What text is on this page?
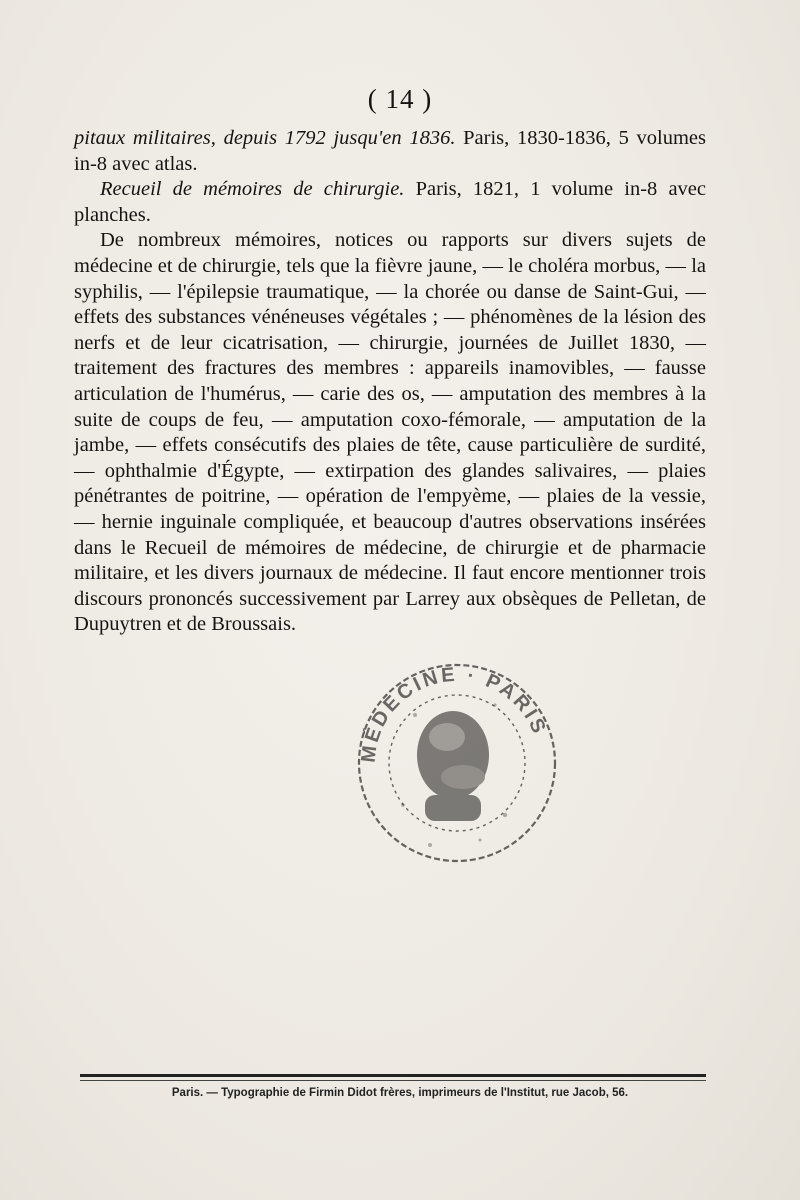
( 14 )

pitaux militaires, depuis 1792 jusqu'en 1836. Paris, 1830-1836, 5 volumes in-8 avec atlas.

Recueil de mémoires de chirurgie. Paris, 1821, 1 volume in-8 avec planches.

De nombreux mémoires, notices ou rapports sur divers sujets de médecine et de chirurgie, tels que la fièvre jaune, — le choléra morbus, — la syphilis, — l'épilepsie traumatique, — la chorée ou danse de Saint-Gui, — effets des substances vénéneuses végétales ; — phénomènes de la lésion des nerfs et de leur cicatrisation, — chirurgie, journées de Juillet 1830, — traitement des fractures des membres : appareils inamovibles, — fausse articulation de l'humérus, — carie des os, — amputation des membres à la suite de coups de feu, — amputation coxo-fémorale, — amputation de la jambe, — effets consécutifs des plaies de tête, cause particulière de surdité, — ophthalmie d'Égypte, — extirpation des glandes salivaires, — plaies pénétrantes de poitrine, — opération de l'empyème, — plaies de la vessie, — hernie inguinale compliquée, et beaucoup d'autres observations insérées dans le Recueil de mémoires de médecine, de chirurgie et de pharmacie militaire, et les divers journaux de médecine. Il faut encore mentionner trois discours prononcés successivement par Larrey aux obsèques de Pelletan, de Dupuytren et de Broussais.

MÉDECINE · PARIS
Paris. — Typographie de Firmin Didot frères, imprimeurs de l'Institut, rue Jacob, 56.
